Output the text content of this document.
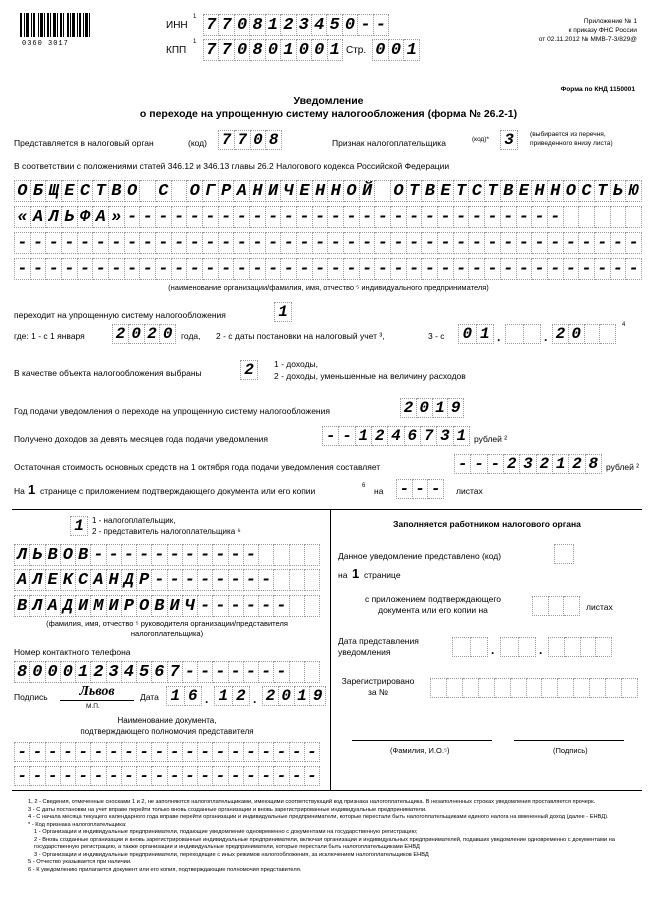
0360 3017
ИНН
1 7 7 0 8 1 2 3 4 5 0 - -
КПП
1 7 7 0 8 0 1 0 0 1 Стр. 0 0 1
Приложение № 1
к приказу ФНС России
от 02.11.2012 № ММВ-7-3/829@
Форма по КНД 1150001
Уведомление
о переходе на упрощенную систему налогообложения (форма № 26.2-1)
Представляется в налоговый орган	(код) 7 7 0 8	Признак налогоплательщика	(код)* 3	(выбирается из перечня,
приведенного внизу листа)
В соответствии с положениями статей 346.12 и 346.13 главы 26.2 Налогового кодекса Российской Федерации
О Б Щ Е С Т В О С О Г Р А Н И Ч Е Н Н О Й О Т В Е Т С Т В Е Н Н О С Т Ь Ю
« А Л Ь Ф А » - - - - - - - - - - - - - - - - - - - - - - - - - - - -
- - - - - - - - - - - - - - - - - - - - - - - - - - - - - - - - - - - - - - - -
- - - - - - - - - - - - - - - - - - - - - - - - - - - - - - - - - - - - - - - -
(наименование организации/фамилия, имя, отчество ⁵ индивидуального предпринимателя)
переходит на упрощенную систему налогообложения	1
где: 1 - с 1 января 2 0 2 0	года, 2 - с даты постановки на налоговый учет ³,	3 - с 0 1 .	. 2 0	4
В качестве объекта налогообложения выбраны	2	1 - доходы,
2 - доходы, уменьшенные на величину расходов
Год подачи уведомления о переходе на упрощенную систему налогообложения	2 0 1 9
Получено доходов за девять месяцев года подачи уведомления	- - 1 2 4 6 7 3 1 рублей ²
Остаточная стоимость основных средств на 1 октября года подачи уведомления составляет	- - - 2 3 2 1 2 8 рублей ²
На 1 странице с приложением подтверждающего документа или его копии	6 на - - -	листах
1	1 - налогоплательщик,
2 - представитель налогоплательщика ⁶
Л Ь В О В - - - - - - - - - - -
А Л Е К С А Н Д Р - - - - - - - -
В Л А Д И М И Р О В И Ч - - - - - -
(фамилия, имя, отчество ⁵ руководителя организации/представителя
налогоплательщика)
Номер контактного телефона
8 0 0 0 1 2 3 4 5 6 7 - - - - - - -
Подпись	Львов
М.П.
Дата 1 6 . 1 2 . 2 0 1 9
Наименование документа,
подтверждающего полномочия представителя
- - - - - - - - - - - - - - - - - - - -
- - - - - - - - - - - - - - - - - - - -
Заполняется работником налогового органа
Данное уведомление представлено (код)
на 1 странице
с приложением подтверждающего
документа или его копии на	листах
Дата представления
уведомления	.	.
Зарегистрировано
за №
(Фамилия, И.О.⁵)	(Подпись)
1, 2 - Сведения, отмеченные сносками 1 и 2, не заполняются налогоплательщиками, имеющими соответствующий код признака налогоплательщика. В незаполненных строках уведомления проставляется прочерк.
3 - С даты постановки на учет вправе перейти только вновь созданные организации и вновь зарегистрированные индивидуальные предприниматели.
4 - С начала месяца текущего календарного года вправе перейти организации и индивидуальные предприниматели, которые перестали быть налогоплательщиками единого налога на вмененный доход (далее - ЕНВД).
* - Код признака налогоплательщика:
1 - Организации и индивидуальные предприниматели, подающие уведомление одновременно с документами на государственную регистрацию;
2 - Вновь созданные организации и вновь зарегистрированные индивидуальные предприниматели, включая организации и индивидуальных предпринимателей, подавших уведомление одновременно с документами на государственную регистрацию, а также организации и индивидуальные предприниматели, которые перестали быть налогоплательщиками ЕНВД
3 - Организации и индивидуальные предприниматели, переходящие с иных режимов налогообложения, за исключением налогоплательщиков ЕНВД
5 - Отчество указывается при наличии.
6 - К уведомлению прилагается документ или его копия, подтверждающие полномочия представителя.
